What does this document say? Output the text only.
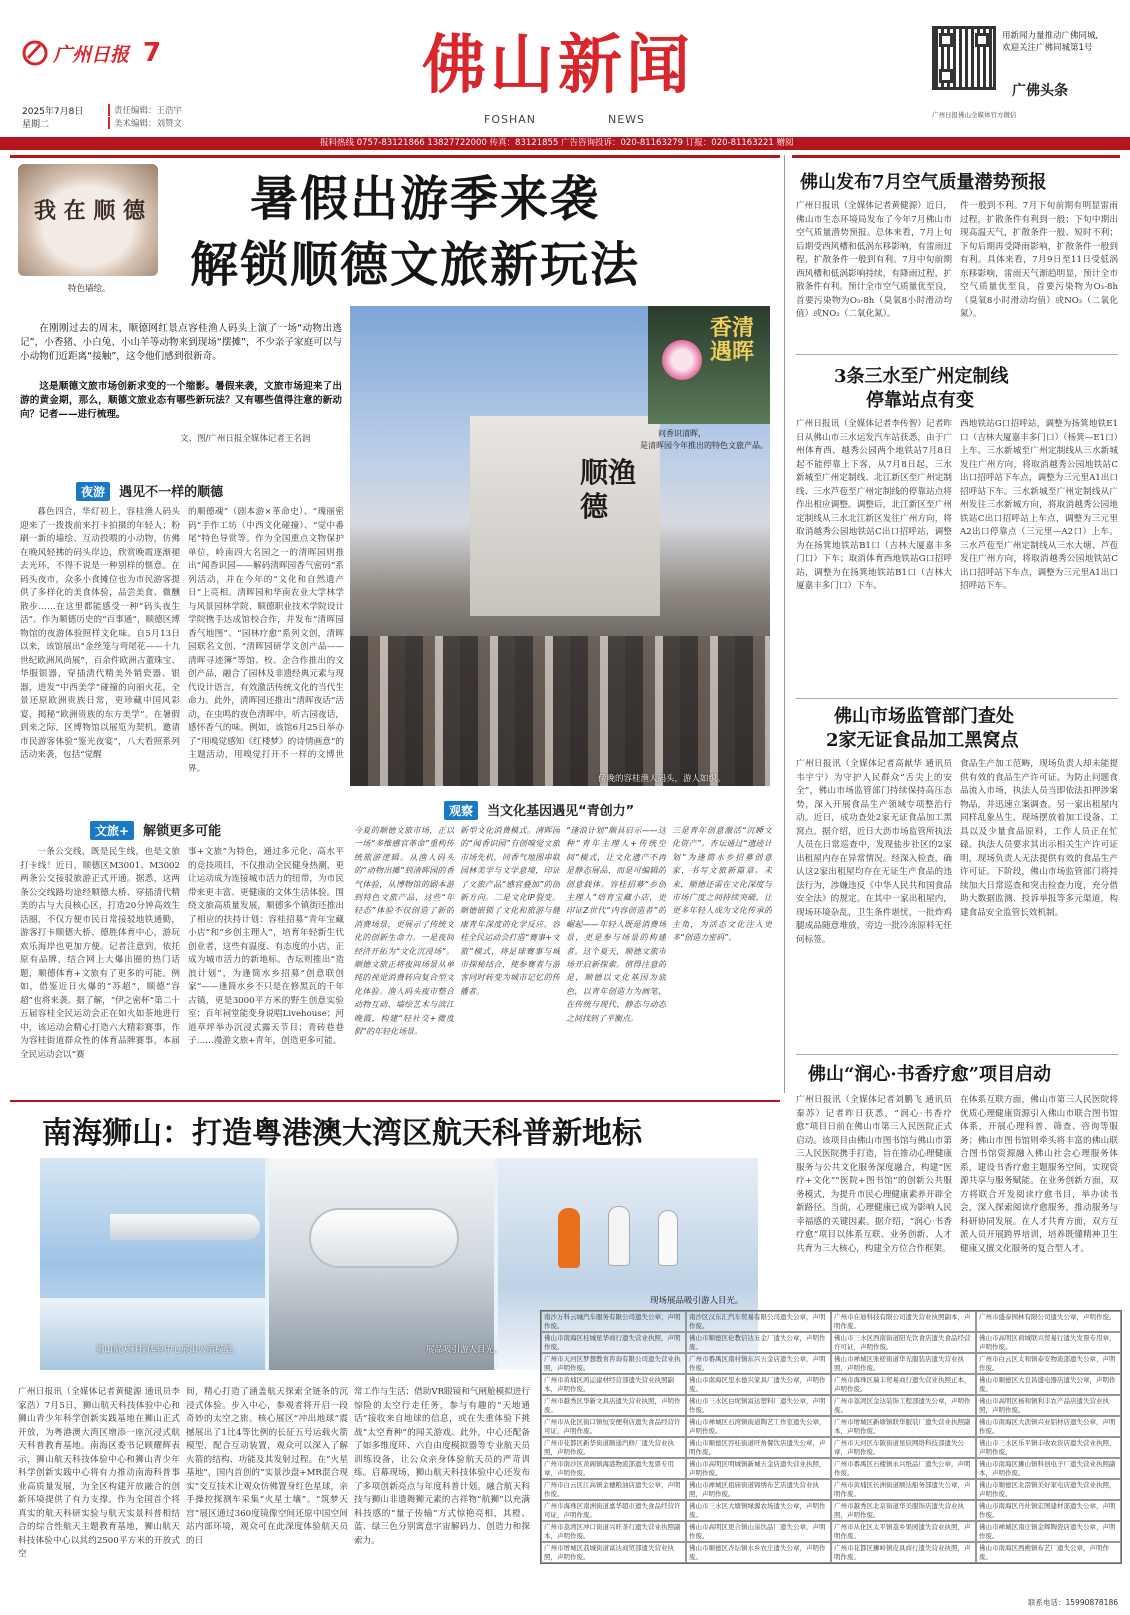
广州日报 7
2025年7月8日
星期二
责任编辑：王浩宇
美术编辑：刘赞文
佛山新闻
FOSHAN	NEWS
用新闻力量推动广佛同城,欢迎关注广佛同城第1号
广佛头条
广州日报佛山全媒体官方微信
报料热线 0757-83121866 13827722000 传真：83121855 广告咨询投诉：020-81163279 订报：020-81163221 赠阅
我 在 顺 德
特色墙绘。
暑假出游季来袭
解锁顺德文旅新玩法
在刚刚过去的周末，顺德网红景点容桂渔人码头上演了一场“动物出逃记”，小香猪、小白兔、小山羊等动物来到现场“摆摊”，不少亲子家庭可以与小动物们近距离“接触”，这令他们感到很新奇。
这是顺德文旅市场创新求变的一个缩影。暑假来袭，文旅市场迎来了出游的黄金期，那么，顺德文旅业态有哪些新玩法？又有哪些值得注意的新动向？记者——进行梳理。
文、图/广州日报全媒体记者王名润
顺渔德
香清遇晖
问香识清晖，
是清晖园今年推出的特色文旅产品。
傍晚的容桂渔人码头，游人如织。
夜游 遇见不一样的顺德
暮色四合，华灯初上，容桂渔人码头迎来了一拨拨前来打卡拍摄的年轻人；粉刷一新的墙绘、互动投喂的小动物，仿佛在晚风轻拂的码头岸边，欣赏晚霞逐渐褪去光环，不得不说是一种别样的惬意。在码头夜市，众多小食摊位也为市民游客提供了多样化的美食体验，品尝美食、微醺散步……在这里都能感受一种“码头夜生活”。作为顺德历史的“百事通”，顺德区博物馆的夜游体验照样文化味。自5月13日以来，该馆展出“金丝笼与弯尾花——十九世纪欧洲风尚展”，百余件欧洲古董珠宝、华服银器，穿插清代精美外销瓷器、银器，进发“中西美学”碰撞的向丽火花，全景还原欧洲贵族日常，更珍藏中国风彩宴，揭秘“欧洲贵族的东方美学”。在暑假到来之际，区博物馆以展览为契机，邀请市民游客体验“鉴光夜宴”，八大看照系列活动来袭，包括“觉醒
的顺德魂”（剧本游×革命史）、“瑰丽密码”手作工坊（中西文化碰撞）、“觉中番尾”特色导赏等。作为全国重点文物保护单位，岭南四大名园之一的清晖园则推出“闻香识园——解码清晖园香气密码”系列活动，并在今年的“文化和自然遗产日”上亮相。清晖园和华南农业大学林学与风景园林学院、顺德职业技术学院设计学院携手达成馆校合作，并发布“清晖园香气地图”、“园林疗愈”系列文创，清晖园联名文创、“清晖园研学文创产品——清晖寻迹簿”等馆、校、企合作推出的文创产品，融合了园林及非遗经典元素与现代设计语言，有效激活传统文化的当代生命力。此外，清晖园还推出“清晖夜话”活动，在虫鸣的夜色清晖中，听古园夜话，感怀香气的味。例如，该馆6月25日举办了“用嗅觉感知《红楼梦》的诗情画意”的主题活动，用嗅觉打开不一样的文博世界。
文旅+ 解锁更多可能
一条公交线，既是民生线，也是文旅打卡线！近日，顺德区M3001、M3002两条公交接驳旅游正式开通。据悉，这两条公交线路均途经顺德大桥、穿插清代精美的古与大良核心区，打造20分钟高效生活圈，不仅方便市民日常接驳地铁通勤，游客打卡顺德大桥、德胜体育中心，游玩欢乐海岸也更加方便。记者注意到，依托原有品牌，结合网上大爆出圈的热门话题，顺德体育+文旅有了更多的可能。例如，借鉴近日火爆的“苏超”，顺德“容超”也将来袭。据了解，“伊之密杯”第二十五届容桂全民运动会正在如火如荼地进行中，该运动会精心打造六大精彩赛事，作为容桂街道群众性的体育品牌赛事，本届全民运动会以“赛
事+文旅”为特色，通过多元化、高水平的竞技项目，不仅推动全民健身热潮，更让运动成为连接城市活力的纽带，为市民带来更丰富、更健康的文体生活体验。围绕文旅高质量发展，顺德多个镇街还推出了相应的扶持计划：容桂招募“青年宝藏小店”和“乡创主理人”，培育年轻新生代创业者，这些有温度、有态度的小店，正成为城市活力的新地标。杏坛则推出“造浪计划”，为逢简水乡招募“创意联创家”——逢简水乡不只是在修黑瓦的千年古镇，更是3000平方米的野生创意实验室；百年祠堂能变身说唱Livehouse；河道草坪举办沉浸式露天节目；青砖巷巷子……漫游文旅+青年，创造更多可能。
观察 当文化基因遇见“青创力”
今夏的顺德文旅市场，正以一场“多维感官革命”重构传统旅游逻辑。从渔人码头的“动物出摊”到清晖园的香气体验，从博物馆的剧本游到特色文旅产品，这些“年轻态”体验不仅创造了新的消费场景，更展示了传统文化的创新生命力。一是夜间经济开拓为“文化沉浸场”。顺德文旅正将夜间场景从单纯的视觉消费转向复合型文化体验。渔人码头夜市整合动物互动、墙绘艺术与滨江晚霞，构建“轻社交+微度假”的年轻化场景。
新型文化消费模式。清晖园的“闻香识园”有创嗅觉文旅市场先机，同香气地图串联园林美学与文学意境，印证了文旅产品“感官叠加”的创新方向。二是文化IP裂变。顺德嵌锁了文化和旅游与健康青年深度的化学反应。容桂全民运动会打造“赛事+文旅”模式，将足球赛事与城市探秘结合，使参赛者与游客同时转变为城市记忆的传播者。
“逢浪计划”颇具启示——这种“青年主理人+传统空间”模式，让文化遗产不再是静态展品，而是可编辑的创意载体。容桂招募“乡创主理人”培育宝藏小店，更印证Z世代“内容创造者”的崛起——年轻人既是消费场景，更是参与场景的构建者。这个夏天，顺德文旅市场开启新探索。值得注意的是，顺德以文化基因为底色，以青年创造力为画笔，在传统与现代、静态与动态之间找到了平衡点。
三是青年创意激活“沉睡文化资产”。杏坛通过“遗迹计划”为逢简水乡招募创意家，书写文旅新篇章。未来，顺德还需在文化深度与市场广度之间持续突破，让更多年轻人成为文化传承的主角，为活态文化注入更多“创造力密码”。
佛山发布7月空气质量潜势预报
广州日报讯（全媒体记者黄健源）近日，佛山市生态环境局发布了今年7月佛山市空气质量潜势预报。总体来看，7月上旬后期受西风槽和低涡东移影响，有雷雨过程，扩散条件一般到有利。7月中旬前期西风槽和低涡影响持续，有降雨过程，扩散条件有利。预计全市空气质量优至良，首要污染物为O₃-8h（臭氧8小时滑动均值）或NO₂（二氧化氮）。
件一般到不利。7月下旬前期有明显雷雨过程，扩散条件有利到一般；下旬中期出现高温天气，扩散条件一般、短时不利；下旬后期再受降雨影响，扩散条件一般到有利。具体来看，7月9日至11日受低涡东移影响，雷雨天气渐趋明显，预计全市空气质量优至良，首要污染物为O₃-8h（臭氧8小时滑动均值）或NO₂（二氧化氮）。
3条三水至广州定制线
停靠站点有变
广州日报讯（全媒体记者李传智）记者昨日从佛山市三水运发汽车站获悉，由于广州体育西、越秀公园两个地铁站7月8日起不能停靠上下客，从7月8日起，三水新城至广州定制线、北江新区至广州定制线、三水芦苞至广州定制线的停靠站点将作出相应调整。调整后，北江新区至广州定制线从三水北江新区发往广州方向，将取消越秀公园地铁站C出口招呼站，调整为在扬箕地铁站B1口（吉林大厦嘉丰多门口）下车；取消体育西地铁站G口招呼站，调整为在扬箕地铁站B1口（吉林大厦嘉丰多门口）下车。
西地铁站G口招呼站，调整为扬箕地铁E1口（吉林大厦嘉丰多门口）（杨箕—E1口）上车。三水新城至广州定制线从三水新城发往广州方向，将取消越秀公园地铁站C出口招呼站下车点，调整为三元里A1出口招呼站下车。三水新城至广州定制线从广州发往三水新城方向，将取消越秀公园地铁站C出口招呼站上车点，调整为三元里A2出口停靠点（三元里—A2口）上车。三水芦苞至广州定制线从三水大塘、芦苞发往广州方向，将取消越秀公园地铁站C出口招呼站下车点，调整为三元里A1出口招呼站下车。
佛山市场监管部门查处
2家无证食品加工黑窝点
广州日报讯（全媒体记者高献华 通讯员韦宇宁）为守护人民群众“舌尖上的安全”，佛山市场监管部门持续保持高压态势，深入开展食品生产领域专项整治行动。近日，成功查处2家无证食品加工黑窝点。据介绍，近日大沥市场监管所执法人员在日常巡查中，发现盐步社区的2家出租屋内存在异常情况。经深入检查，确认这2家出租屋均存在无证生产食品的违法行为，涉嫌违反《中华人民共和国食品安全法》的规定。在其中一家出租屋内，现场环境杂乱，卫生条件堪忧，一批炸鸡腿成品随意堆放，旁边一批冷冻原料无任何标签。
食品生产加工范畴，现场负责人却未能提供有效的食品生产许可证。为防止问题食品流入市场，执法人员当即依法扣押涉案物品，并迅速立案调查。另一家出租屋内同样乱象丛生，现场摆放着加工设备、工具以及少量食品原料，工作人员正在忙碌。执法人员要求其出示相关生产许可证明，现场负责人无法提供有效的食品生产许可证。下阶段，佛山市场监管部门将持续加大日常巡查和突击检查力度，充分借助大数据监测、投诉举报等多元渠道，构建食品安全监管长效机制。
佛山“润心·书香疗愈”项目启动
广州日报讯（全媒体记者刘鹏飞 通讯员秦苏）记者昨日获悉，“润心·书香疗愈”项目日前在佛山市第三人民医院正式启动。该项目由佛山市图书馆与佛山市第三人民医院携手打造，旨在推动心理健康服务与公共文化服务深度融合，构建“医疗+文化”“医院+图书馆”的创新公共服务模式，为提升市民心理健康素养开辟全新路径。当前，心理健康已成为影响人民幸福感的关键因素。据介绍，“润心·书香疗愈”项目以体系互联、业务创新、人才共育为三大核心，构建全方位合作框架。
在体系互联方面，佛山市第三人民医院将优质心理健康资源引入佛山市联合图书馆体系，开展心理科普、筛查、咨询等服务；佛山市图书馆则牵头将丰富的佛山联合图书馆资源融入佛山社会心理服务体系，建设书香疗愈主题服务空间，实现资源共享与服务赋能。在业务创新方面，双方将联合开发阅读疗愈书目，举办读书会，深入探索阅读疗愈服务，推动服务与科研协同发展。在人才共育方面，双方互派人员开展跨界培训，培养既懂精神卫生健康又擅文化服务的复合型人才。
南海狮山：打造粤港澳大湾区航天科普新地标
狮山航天科技体验中心展出火箭模型。	展品吸引游人目光。
现场展品吸引游人目光。
广州日报讯（全媒体记者黄健源 通讯员李家浩）7月5日，狮山航天科技体验中心和狮山青少年科学创新实践基地在狮山正式开放，为粤港澳大湾区增添一座沉浸式航天科普教育基地。南海区委书记顾耀辉表示，狮山航天科技体验中心和狮山青少年科学创新实践中心将有力推动南海科普事业高质量发展，为全区构建开放融合的创新环境提供了有力支撑。作为全国首个将真实的航天科研实验与航天实景科普相结合的综合性航天主题教育基地，狮山航天科技体验中心以其约2500平方米的开放式空
间，精心打造了涵盖航天探索全链条的沉浸式体验。步入中心，参观者将开启一段奇妙的太空之旅。核心展区“冲出地球”震撼展出了1比4等比例的长征五号运载火箭模型，配合互动装置，观众可以深入了解火箭的结构、功能及其发射过程。在“火星基地”，国内首创的“实景沙盘+MR混合现实”交互技术让观众仿佛置身红色星球，亲手操控探测车采集“火星土壤”。“筑梦天宫”展区通过360度镜像空间还原中国空间站内部环境，观众可在此深度体验航天员的日
常工作与生活；借助VR眼镜和气闸舱模拟进行惊险的太空行走任务，参与有趣的“天地通话”接收来自地球的信息，或在失重体验下挑战“太空育种”的闻关游戏。此外，中心还配备了如多维度环、六自由度模拟器等专业航天员训练设备，让公众亲身体验航天员的严苛训练。启幕现场，狮山航天科技体验中心还发布了多项创新亮点与年度科普计划。融合航天科技与狮山非遗舞狮元素的吉祥物“航狮”以充满科技感的“量子传输”方式惊艳亮相，其橙、蓝、绿三色分别寓意宇宙解码力、创造力和探索力。
南沙万科云城汽车服务有限公司遗失公章，声明作废。
南沙区汉东汇汽车贸易有限公司遗失公章，声明作废。
广州市在迪科技有限公司遗失营业执照副本，声明作废。
广州市盛泰园林有限公司遗失公章，声明作废。
佛山市南海区桂城星华商行遗失营业执照，声明作废。
佛山市顺德区伦教信达五金厂遗失公章，声明作废。
佛山市三水区西南街道阳光饮食店遗失食品经营许可证，声明作废。
佛山市高明区荷城联兴贸易行遗失发票专用章，声明作废。
广州市天河区梦想教育咨询有限公司遗失营业执照，声明作废。
广州市番禺区南村镇东兴五金店遗失公章，声明作废。
佛山市禅城区张槎街道华光服装店遗失营业执照，声明作废。
广州市白云区太和镇泰安物流部遗失公章，声明作废。
广州市黄埔区鸿运建材经营部遗失营业执照副本，声明作废。
佛山市南海区里水德兴家具厂遗失公章，声明作废。
广州市海珠区瑞丰贸易商行遗失营业执照正本，声明作废。
佛山市顺德区大良昌盛电器店遗失公章，声明作废。
广州市越秀区华新文具店遗失营业执照，声明作废。
佛山市三水区白坭镇富达塑料厂遗失公章，声明作废。
广州市荔湾区金达装饰工程部遗失公章，声明作废。
佛山市高明区杨和镇利丰农产品店遗失营业执照，声明作废。
广州市从化区街口镇恒安便利店遗失食品经营许可证，声明作废。
佛山市禅城区石湾镇街道陶艺工作室遗失公章，声明作废。
广州市增城区新塘镇联华服装厂遗失营业执照副本，声明作废。
佛山市南海区大沥镇兴业铝材店遗失公章，声明作废。
广州市花都区新华街道顺通汽修厂遗失营业执照，声明作废。
佛山市顺德区容桂街道旺角餐饮店遗失公章，声明作废。
广州市天河区车陂街道星辰网络科技部遗失公章，声明作废。
佛山市三水区乐平镇丰收农资店遗失营业执照，声明作废。
广州市南沙区黄阁镇海港物流部遗失发票专用章，声明作废。
佛山市高明区明城镇新城五金店遗失营业执照，声明作废。
广州市番禺区石楼镇永兴纸品厂遗失公章，声明作废。
佛山市南海区狮山镇科创电子厂遗失营业执照副本，声明作废。
广州市白云区江高镇金穗粮油店遗失公章，声明作废。
佛山市禅城区祖庙街道锦绣布艺店遗失营业执照，声明作废。
广州市黄埔区长洲街道顺达船务部遗失公章，声明作废。
佛山市顺德区北滘镇美好家电店遗失营业执照，声明作废。
广州市海珠区南洲街道嘉华超市遗失食品经营许可证，声明作废。
佛山市三水区大塘镇绿源农场遗失公章，声明作废。
广州市越秀区北京街道华美服饰店遗失营业执照，声明作废。
佛山市南海区丹灶镇宏图建材部遗失公章，声明作废。
广州市荔湾区冲口街道兴旺茶行遗失营业执照副本，声明作废。
佛山市高明区更合镇山泉饮品厂遗失公章，声明作废。
广州市从化区太平镇荔乡果园遗失营业执照，声明作废。
佛山市禅城区南庄镇金辉陶瓷店遗失公章，声明作废。
广州市增城区荔城街道富达商贸部遗失营业执照，声明作废。
佛山市顺德区杏坛镇水乡农庄遗失公章，声明作废。
广州市花都区狮岭镇皮具商行遗失营业执照，声明作废。
佛山市南海区西樵镇布艺厂遗失公章，声明作废。
联系电话：15990878186
